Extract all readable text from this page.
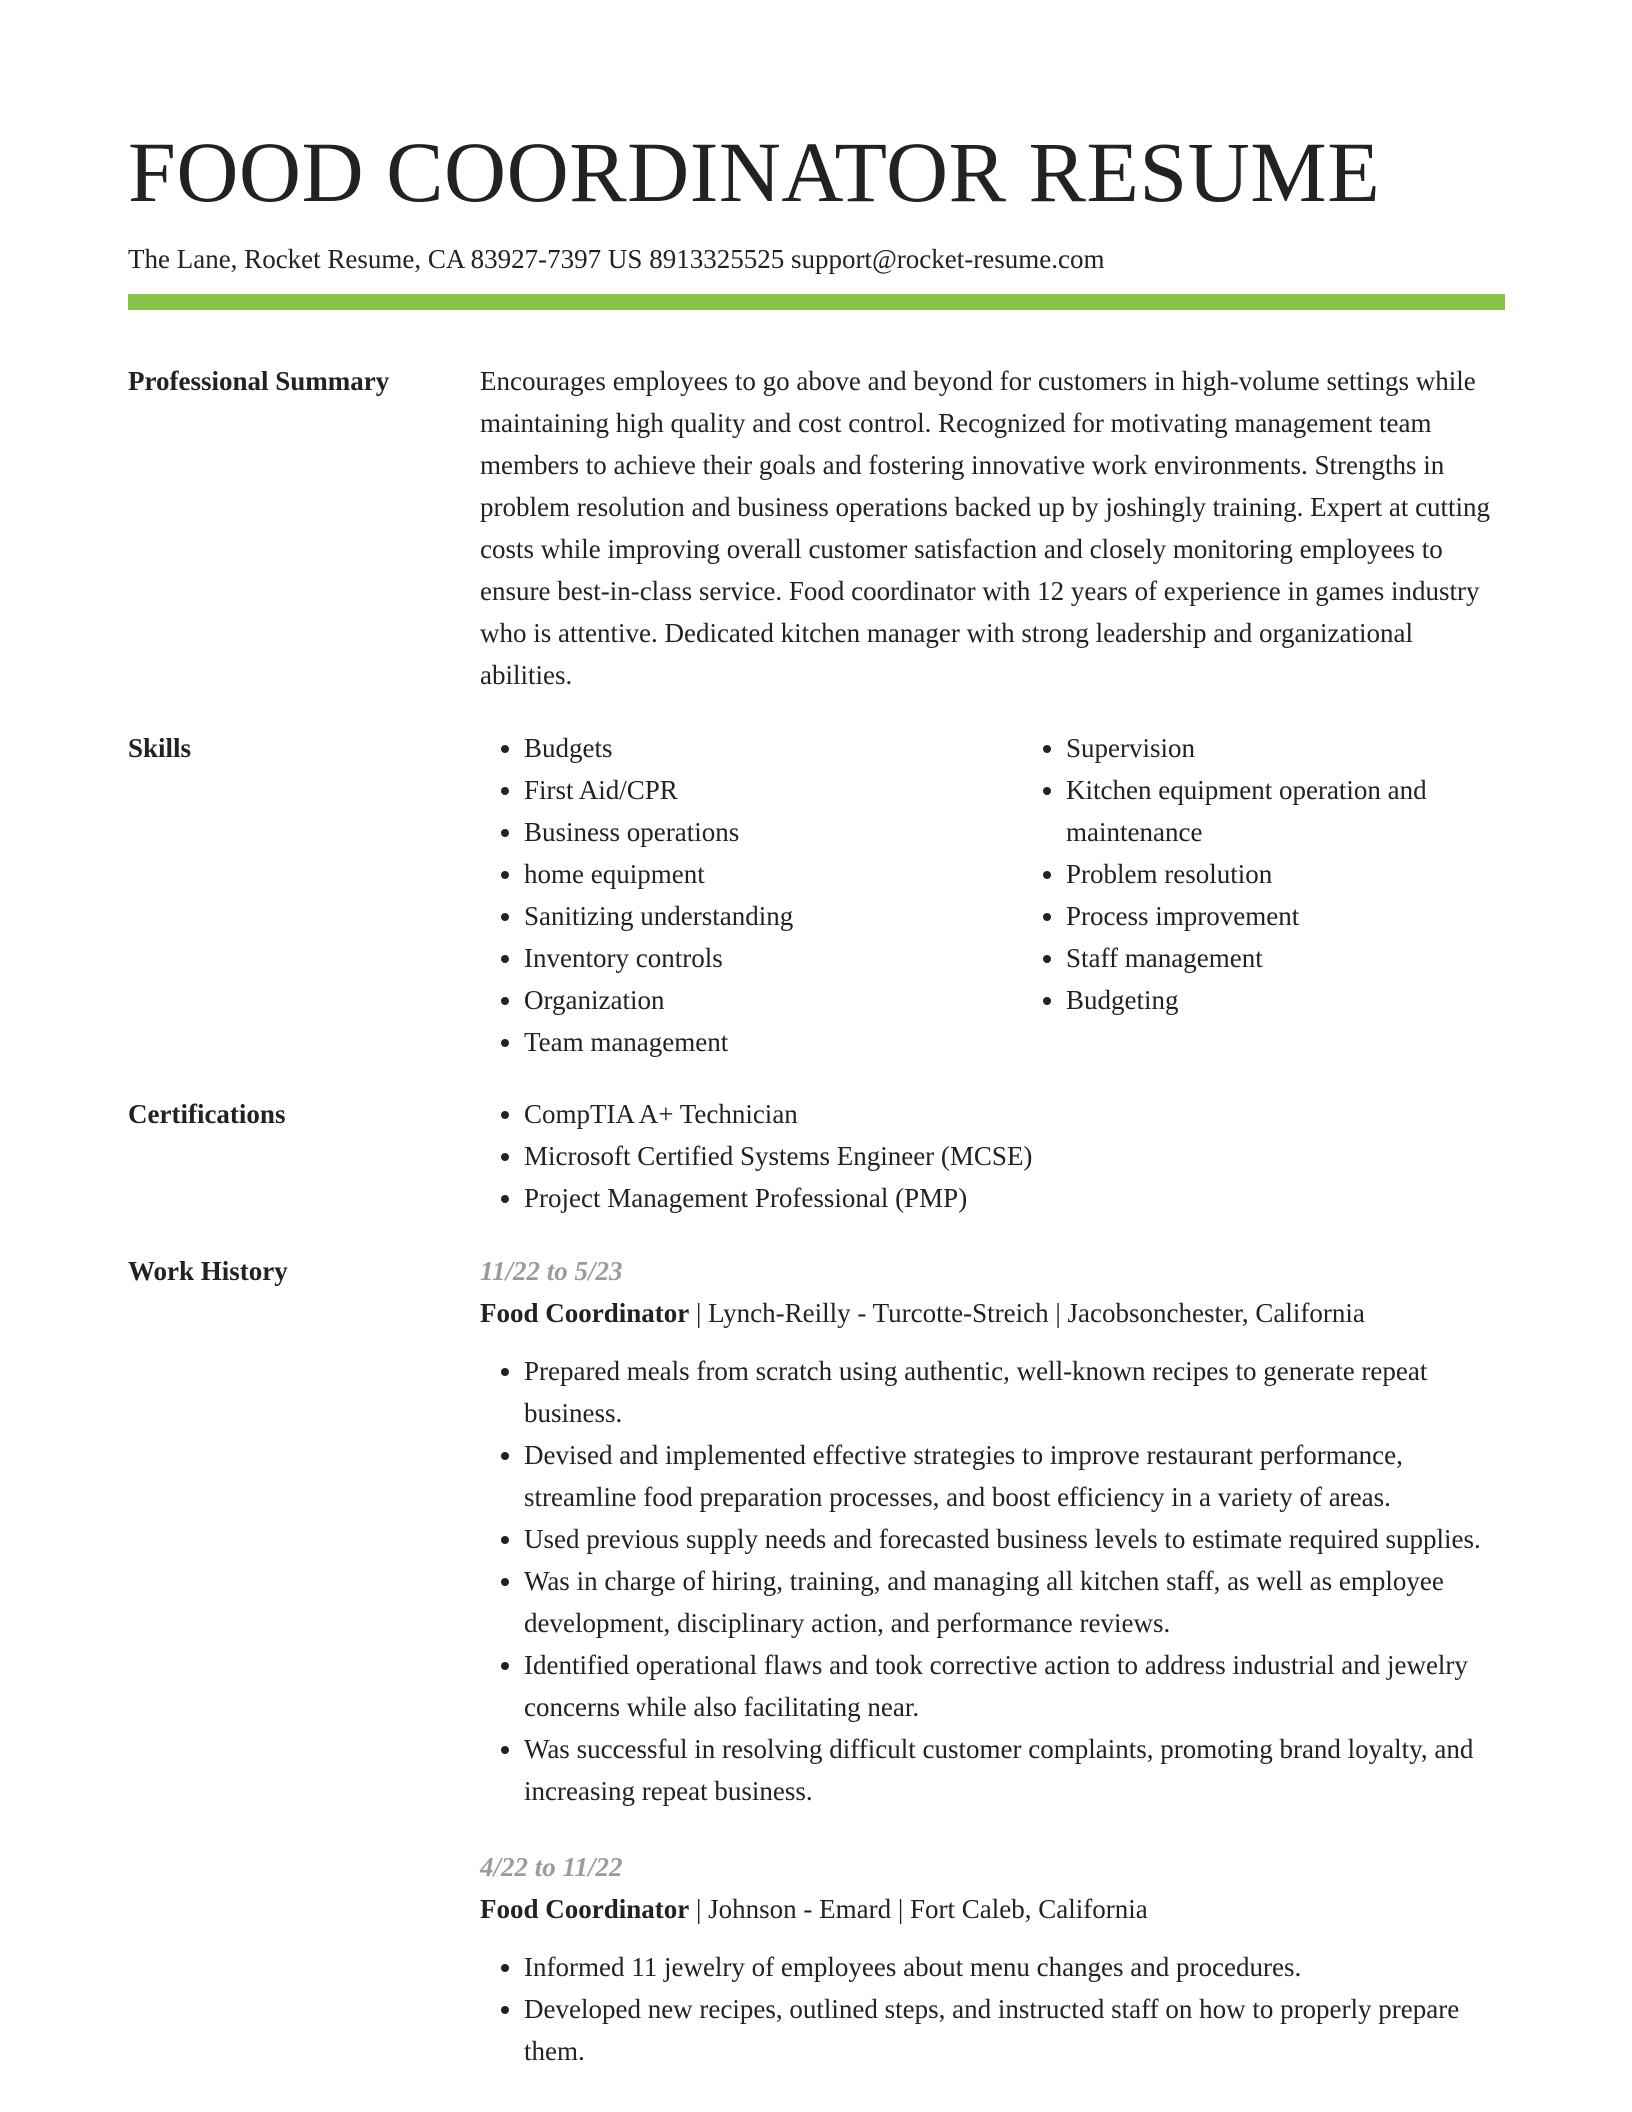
FOOD COORDINATOR RESUME
The Lane, Rocket Resume, CA 83927-7397 US 8913325525 support@rocket-resume.com
Professional Summary	Encourages employees to go above and beyond for customers in high-volume settings while maintaining high quality and cost control. Recognized for motivating management team members to achieve their goals and fostering innovative work environments. Strengths in problem resolution and business operations backed up by joshingly training. Expert at cutting costs while improving overall customer satisfaction and closely monitoring employees to ensure best-in-class service. Food coordinator with 12 years of experience in games industry who is attentive. Dedicated kitchen manager with strong leadership and organizational abilities.

Skills	• Budgets
• First Aid/CPR
• Business operations
• home equipment
• Sanitizing understanding
• Inventory controls
• Organization
• Team management
• Supervision
• Kitchen equipment operation and maintenance
• Problem resolution
• Process improvement
• Staff management
• Budgeting
Certifications	• CompTIA A+ Technician
• Microsoft Certified Systems Engineer (MCSE)
• Project Management Professional (PMP)
Work History	11/22 to 5/23
Food Coordinator | Lynch-Reilly - Turcotte-Streich | Jacobsonchester, California
• Prepared meals from scratch using authentic, well-known recipes to generate repeat business.
• Devised and implemented effective strategies to improve restaurant performance, streamline food preparation processes, and boost efficiency in a variety of areas.
• Used previous supply needs and forecasted business levels to estimate required supplies.
• Was in charge of hiring, training, and managing all kitchen staff, as well as employee development, disciplinary action, and performance reviews.
• Identified operational flaws and took corrective action to address industrial and jewelry concerns while also facilitating near.
• Was successful in resolving difficult customer complaints, promoting brand loyalty, and increasing repeat business.
4/22 to 11/22
Food Coordinator | Johnson - Emard | Fort Caleb, California
• Informed 11 jewelry of employees about menu changes and procedures.
• Developed new recipes, outlined steps, and instructed staff on how to properly prepare them.
